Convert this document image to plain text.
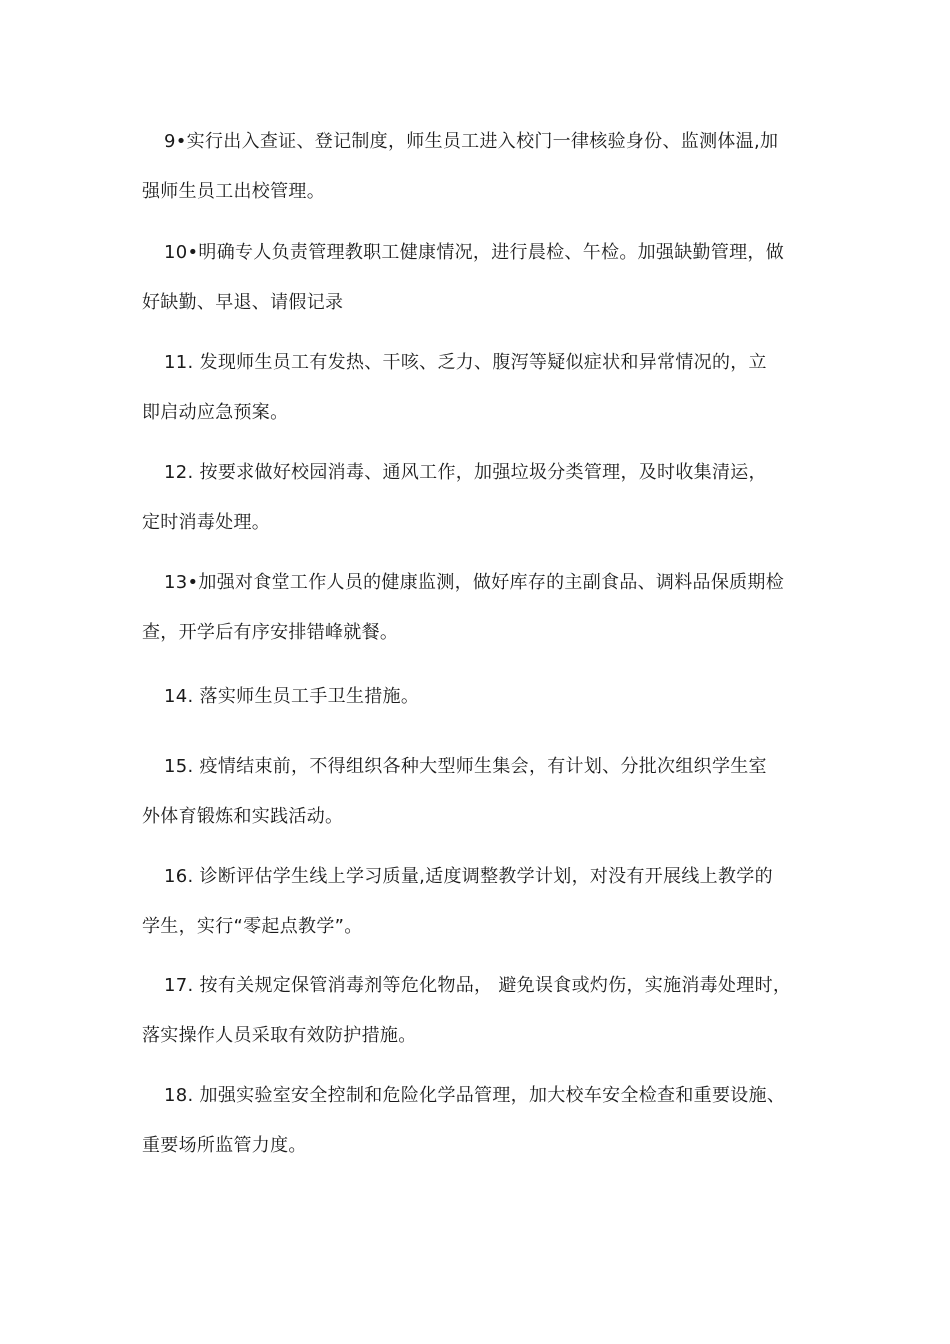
9•实行出入查证、登记制度，师生员工进入校门一律核验身份、监测体温,加
强师生员工出校管理。
10•明确专人负责管理教职工健康情况，进行晨检、午检。加强缺勤管理，做
好缺勤、早退、请假记录
11. 发现师生员工有发热、干咳、乏力、腹泻等疑似症状和异常情况的，立
即启动应急预案。
12. 按要求做好校园消毒、通风工作，加强垃圾分类管理，及时收集清运，
定时消毒处理。
13•加强对食堂工作人员的健康监测，做好库存的主副食品、调料品保质期检
查，开学后有序安排错峰就餐。
14. 落实师生员工手卫生措施。
15. 疫情结束前，不得组织各种大型师生集会，有计划、分批次组织学生室
外体育锻炼和实践活动。
16. 诊断评估学生线上学习质量,适度调整教学计划，对没有开展线上教学的
学生，实行“零起点教学”。
17. 按有关规定保管消毒剂等危化物品， 避免误食或灼伤，实施消毒处理时，
落实操作人员采取有效防护措施。
18. 加强实验室安全控制和危险化学品管理，加大校车安全检查和重要设施、
重要场所监管力度。
